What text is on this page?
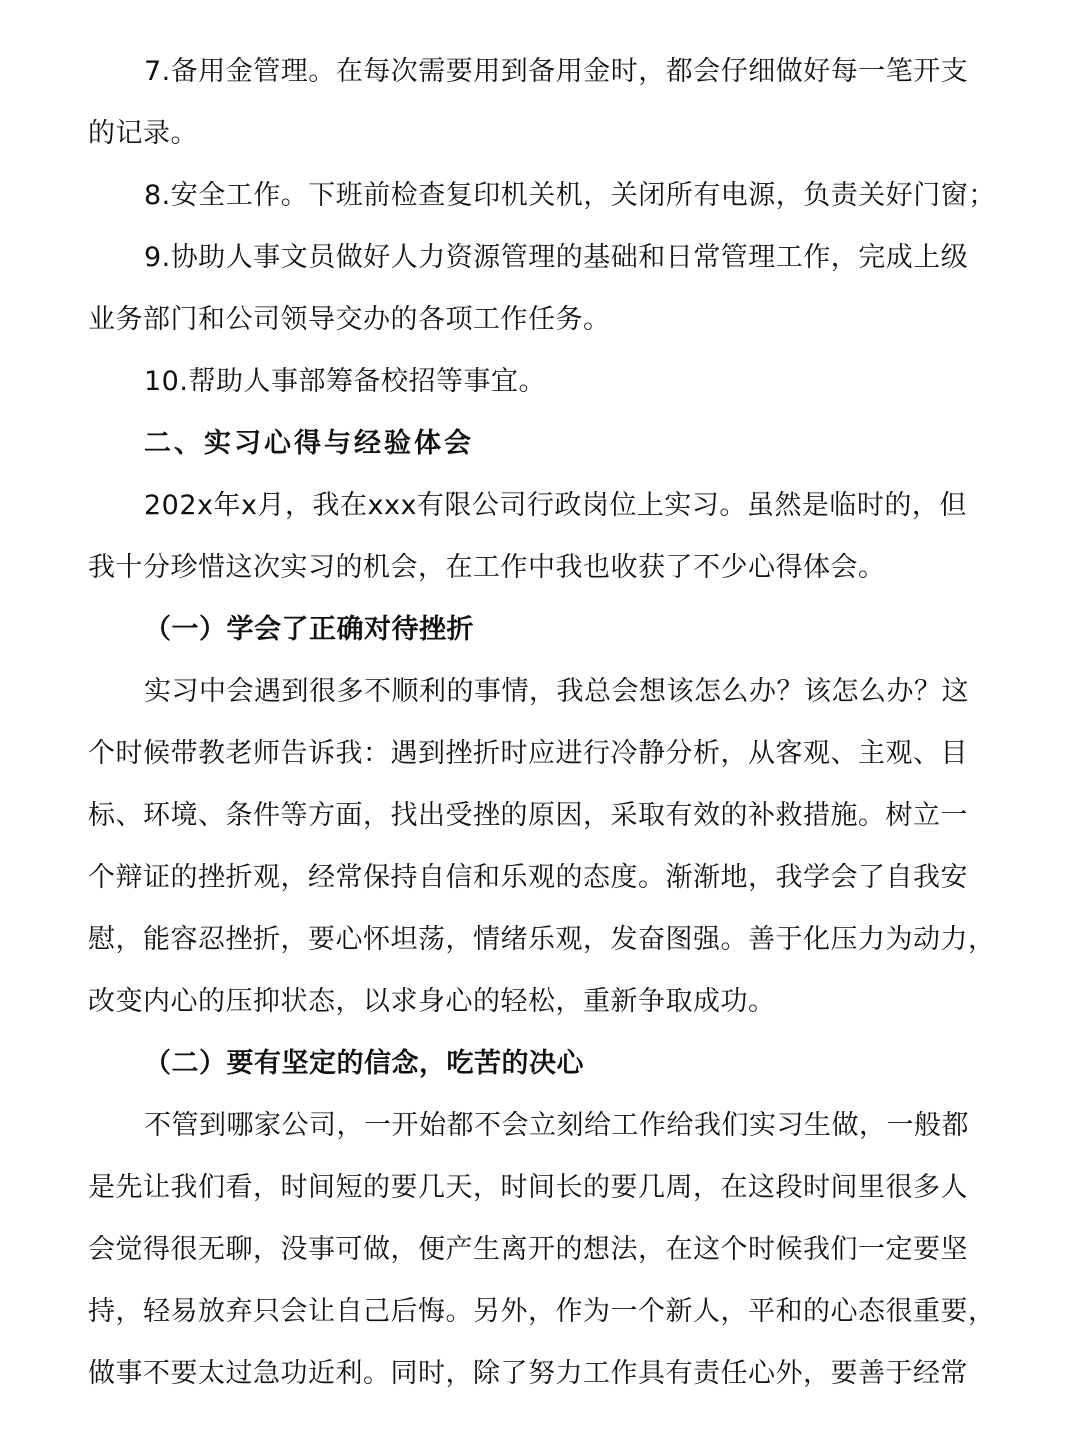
7.备用金管理。在每次需要用到备用金时，都会仔细做好每一笔开支

的记录。

8.安全工作。下班前检查复印机关机，关闭所有电源，负责关好门窗；

9.协助人事文员做好人力资源管理的基础和日常管理工作，完成上级

业务部门和公司领导交办的各项工作任务。

10.帮助人事部筹备校招等事宜。

二、实习心得与经验体会

202x年x月，我在xxx有限公司行政岗位上实习。虽然是临时的，但

我十分珍惜这次实习的机会，在工作中我也收获了不少心得体会。

（一）学会了正确对待挫折

实习中会遇到很多不顺利的事情，我总会想该怎么办？该怎么办？这

个时候带教老师告诉我：遇到挫折时应进行冷静分析，从客观、主观、目

标、环境、条件等方面，找出受挫的原因，采取有效的补救措施。树立一

个辩证的挫折观，经常保持自信和乐观的态度。渐渐地，我学会了自我安

慰，能容忍挫折，要心怀坦荡，情绪乐观，发奋图强。善于化压力为动力，

改变内心的压抑状态，以求身心的轻松，重新争取成功。

（二）要有坚定的信念，吃苦的决心

不管到哪家公司，一开始都不会立刻给工作给我们实习生做，一般都

是先让我们看，时间短的要几天，时间长的要几周，在这段时间里很多人

会觉得很无聊，没事可做，便产生离开的想法，在这个时候我们一定要坚

持，轻易放弃只会让自己后悔。另外，作为一个新人，平和的心态很重要，

做事不要太过急功近利。同时，除了努力工作具有责任心外，要善于经常
